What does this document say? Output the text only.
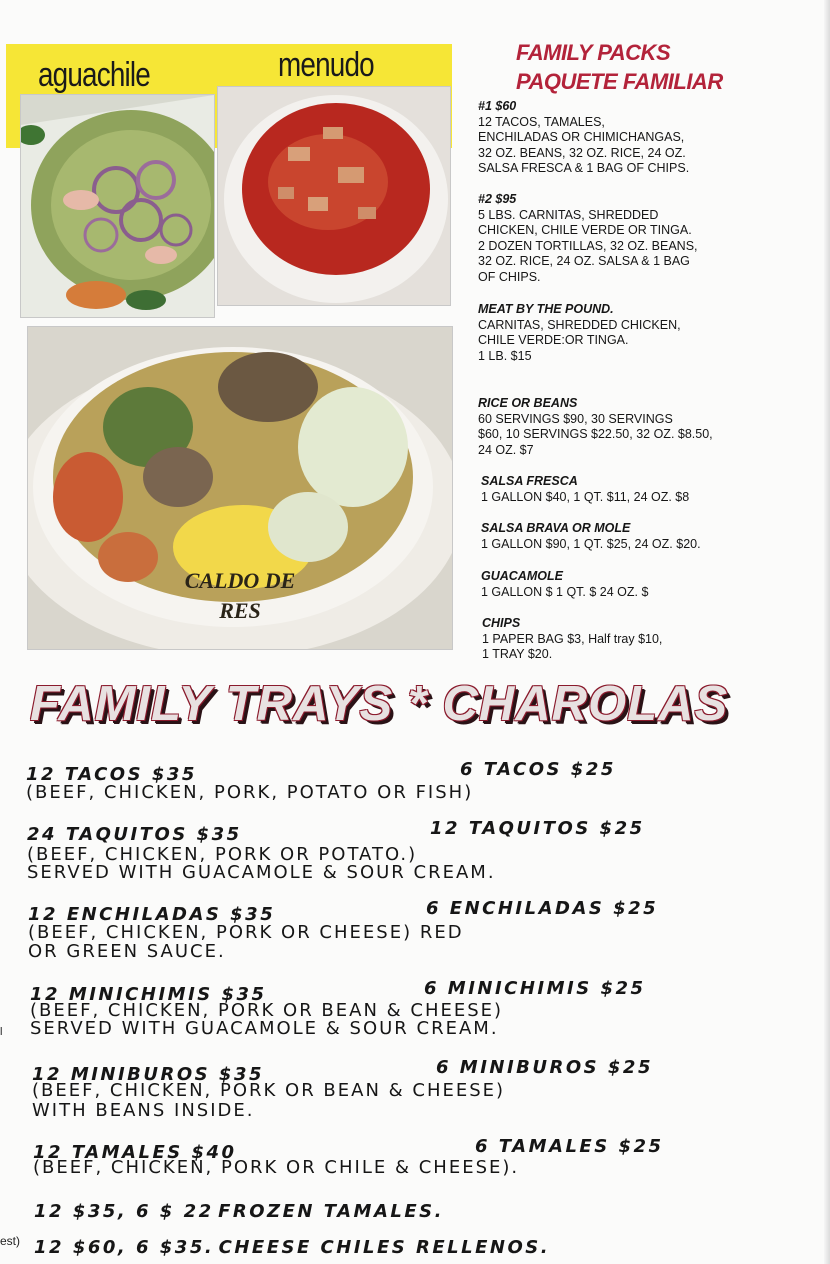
aguachile	menudo
CALDO DE
RES
FAMILY PACKS
PAQUETE FAMILIAR
#1 $60
12 TACOS, TAMALES,
ENCHILADAS OR CHIMICHANGAS,
32 OZ. BEANS, 32 OZ. RICE, 24 OZ.
SALSA FRESCA & 1 BAG OF CHIPS.
#2 $95
5 LBS. CARNITAS, SHREDDED
CHICKEN, CHILE VERDE OR TINGA.
2 DOZEN TORTILLAS, 32 OZ. BEANS,
32 OZ. RICE, 24 OZ. SALSA & 1 BAG
OF CHIPS.
MEAT BY THE POUND.
CARNITAS, SHREDDED CHICKEN,
CHILE VERDE:OR TINGA.
1 LB. $15
RICE OR BEANS
60 SERVINGS $90, 30 SERVINGS
$60, 10 SERVINGS $22.50, 32 OZ. $8.50,
24 OZ. $7
SALSA FRESCA
1 GALLON $40, 1 QT. $11, 24 OZ. $8
SALSA BRAVA OR MOLE
1 GALLON $90, 1 QT. $25, 24 OZ. $20.
GUACAMOLE
1 GALLON $ 1 QT. $ 24 OZ. $
CHIPS
1 PAPER BAG $3, Half tray $10,
1 TRAY $20.
FAMILY TRAYS * CHAROLAS
12 TACOS $35	6 TACOS $25
(BEEF, CHICKEN, PORK, POTATO OR FISH)
24 TAQUITOS $35	12 TAQUITOS $25
(BEEF, CHICKEN, PORK OR POTATO.)
SERVED WITH GUACAMOLE & SOUR CREAM.
12 ENCHILADAS $35	6 ENCHILADAS $25
(BEEF, CHICKEN, PORK OR CHEESE) RED
OR GREEN SAUCE.
12 MINICHIMIS $35	6 MINICHIMIS $25
(BEEF, CHICKEN, PORK OR BEAN & CHEESE)
SERVED WITH GUACAMOLE & SOUR CREAM.
12 MINIBUROS $35	6 MINIBUROS $25
(BEEF, CHICKEN, PORK OR BEAN & CHEESE)
WITH BEANS INSIDE.
12 TAMALES $40	6 TAMALES $25
(BEEF, CHICKEN, PORK OR CHILE & CHEESE).
12 $35, 6 $ 22 FROZEN TAMALES.
12 $60, 6 $35. CHEESE CHILES RELLENOS.
l
est)
